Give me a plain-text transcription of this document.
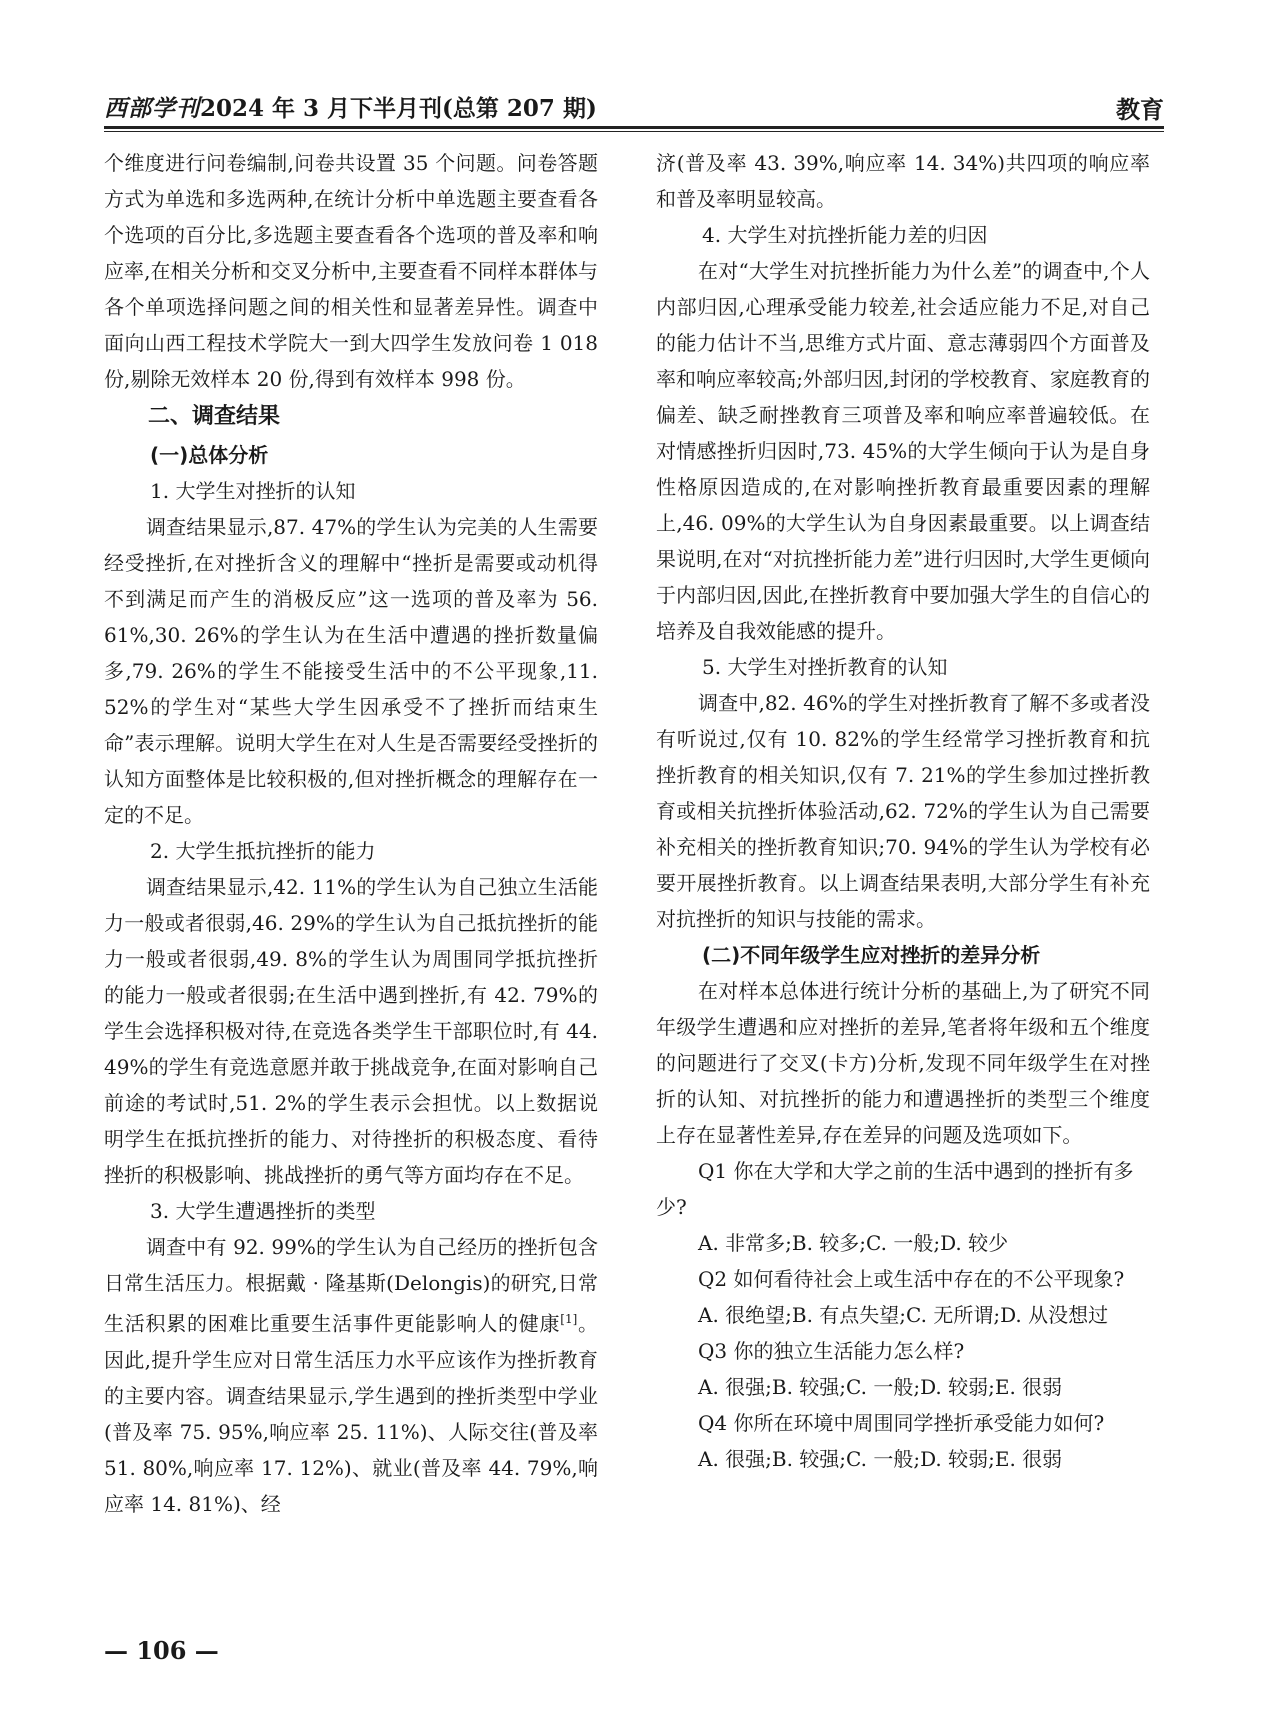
西部学刊2024 年 3 月下半月刊(总第 207 期)	教育

个维度进行问卷编制,问卷共设置 35 个问题。问卷答题方式为单选和多选两种,在统计分析中单选题主要查看各个选项的百分比,多选题主要查看各个选项的普及率和响应率,在相关分析和交叉分析中,主要查看不同样本群体与各个单项选择问题之间的相关性和显著差异性。调查中面向山西工程技术学院大一到大四学生发放问卷 1 018 份,剔除无效样本 20 份,得到有效样本 998 份。

二、调查结果
(一)总体分析
1. 大学生对挫折的认知

调查结果显示,87. 47%的学生认为完美的人生需要经受挫折,在对挫折含义的理解中“挫折是需要或动机得不到满足而产生的消极反应”这一选项的普及率为 56. 61%,30. 26%的学生认为在生活中遭遇的挫折数量偏多,79. 26%的学生不能接受生活中的不公平现象,11. 52%的学生对“某些大学生因承受不了挫折而结束生命”表示理解。说明大学生在对人生是否需要经受挫折的认知方面整体是比较积极的,但对挫折概念的理解存在一定的不足。

2. 大学生抵抗挫折的能力

调查结果显示,42. 11%的学生认为自己独立生活能力一般或者很弱,46. 29%的学生认为自己抵抗挫折的能力一般或者很弱,49. 8%的学生认为周围同学抵抗挫折的能力一般或者很弱;在生活中遇到挫折,有 42. 79%的学生会选择积极对待,在竞选各类学生干部职位时,有 44. 49%的学生有竞选意愿并敢于挑战竞争,在面对影响自己前途的考试时,51. 2%的学生表示会担忧。以上数据说明学生在抵抗挫折的能力、对待挫折的积极态度、看待挫折的积极影响、挑战挫折的勇气等方面均存在不足。

3. 大学生遭遇挫折的类型

调查中有 92. 99%的学生认为自己经历的挫折包含日常生活压力。根据戴 · 隆基斯(Delongis)的研究,日常生活积累的困难比重要生活事件更能影响人的健康[1]。因此,提升学生应对日常生活压力水平应该作为挫折教育的主要内容。调查结果显示,学生遇到的挫折类型中学业(普及率 75. 95%,响应率 25. 11%)、人际交往(普及率 51. 80%,响应率 17. 12%)、就业(普及率 44. 79%,响应率 14. 81%)、经

济(普及率 43. 39%,响应率 14. 34%)共四项的响应率和普及率明显较高。

4. 大学生对抗挫折能力差的归因

在对“大学生对抗挫折能力为什么差”的调查中,个人内部归因,心理承受能力较差,社会适应能力不足,对自己的能力估计不当,思维方式片面、意志薄弱四个方面普及率和响应率较高;外部归因,封闭的学校教育、家庭教育的偏差、缺乏耐挫教育三项普及率和响应率普遍较低。在对情感挫折归因时,73. 45%的大学生倾向于认为是自身性格原因造成的,在对影响挫折教育最重要因素的理解上,46. 09%的大学生认为自身因素最重要。以上调查结果说明,在对“对抗挫折能力差”进行归因时,大学生更倾向于内部归因,因此,在挫折教育中要加强大学生的自信心的培养及自我效能感的提升。

5. 大学生对挫折教育的认知

调查中,82. 46%的学生对挫折教育了解不多或者没有听说过,仅有 10. 82%的学生经常学习挫折教育和抗挫折教育的相关知识,仅有 7. 21%的学生参加过挫折教育或相关抗挫折体验活动,62. 72%的学生认为自己需要补充相关的挫折教育知识;70. 94%的学生认为学校有必要开展挫折教育。以上调查结果表明,大部分学生有补充对抗挫折的知识与技能的需求。

(二)不同年级学生应对挫折的差异分析

在对样本总体进行统计分析的基础上,为了研究不同年级学生遭遇和应对挫折的差异,笔者将年级和五个维度的问题进行了交叉(卡方)分析,发现不同年级学生在对挫折的认知、对抗挫折的能力和遭遇挫折的类型三个维度上存在显著性差异,存在差异的问题及选项如下。

Q1 你在大学和大学之前的生活中遇到的挫折有多少?

A. 非常多;B. 较多;C. 一般;D. 较少

Q2 如何看待社会上或生活中存在的不公平现象?

A. 很绝望;B. 有点失望;C. 无所谓;D. 从没想过

Q3 你的独立生活能力怎么样?

A. 很强;B. 较强;C. 一般;D. 较弱;E. 很弱

Q4 你所在环境中周围同学挫折承受能力如何?

A. 很强;B. 较强;C. 一般;D. 较弱;E. 很弱

— 106 —
